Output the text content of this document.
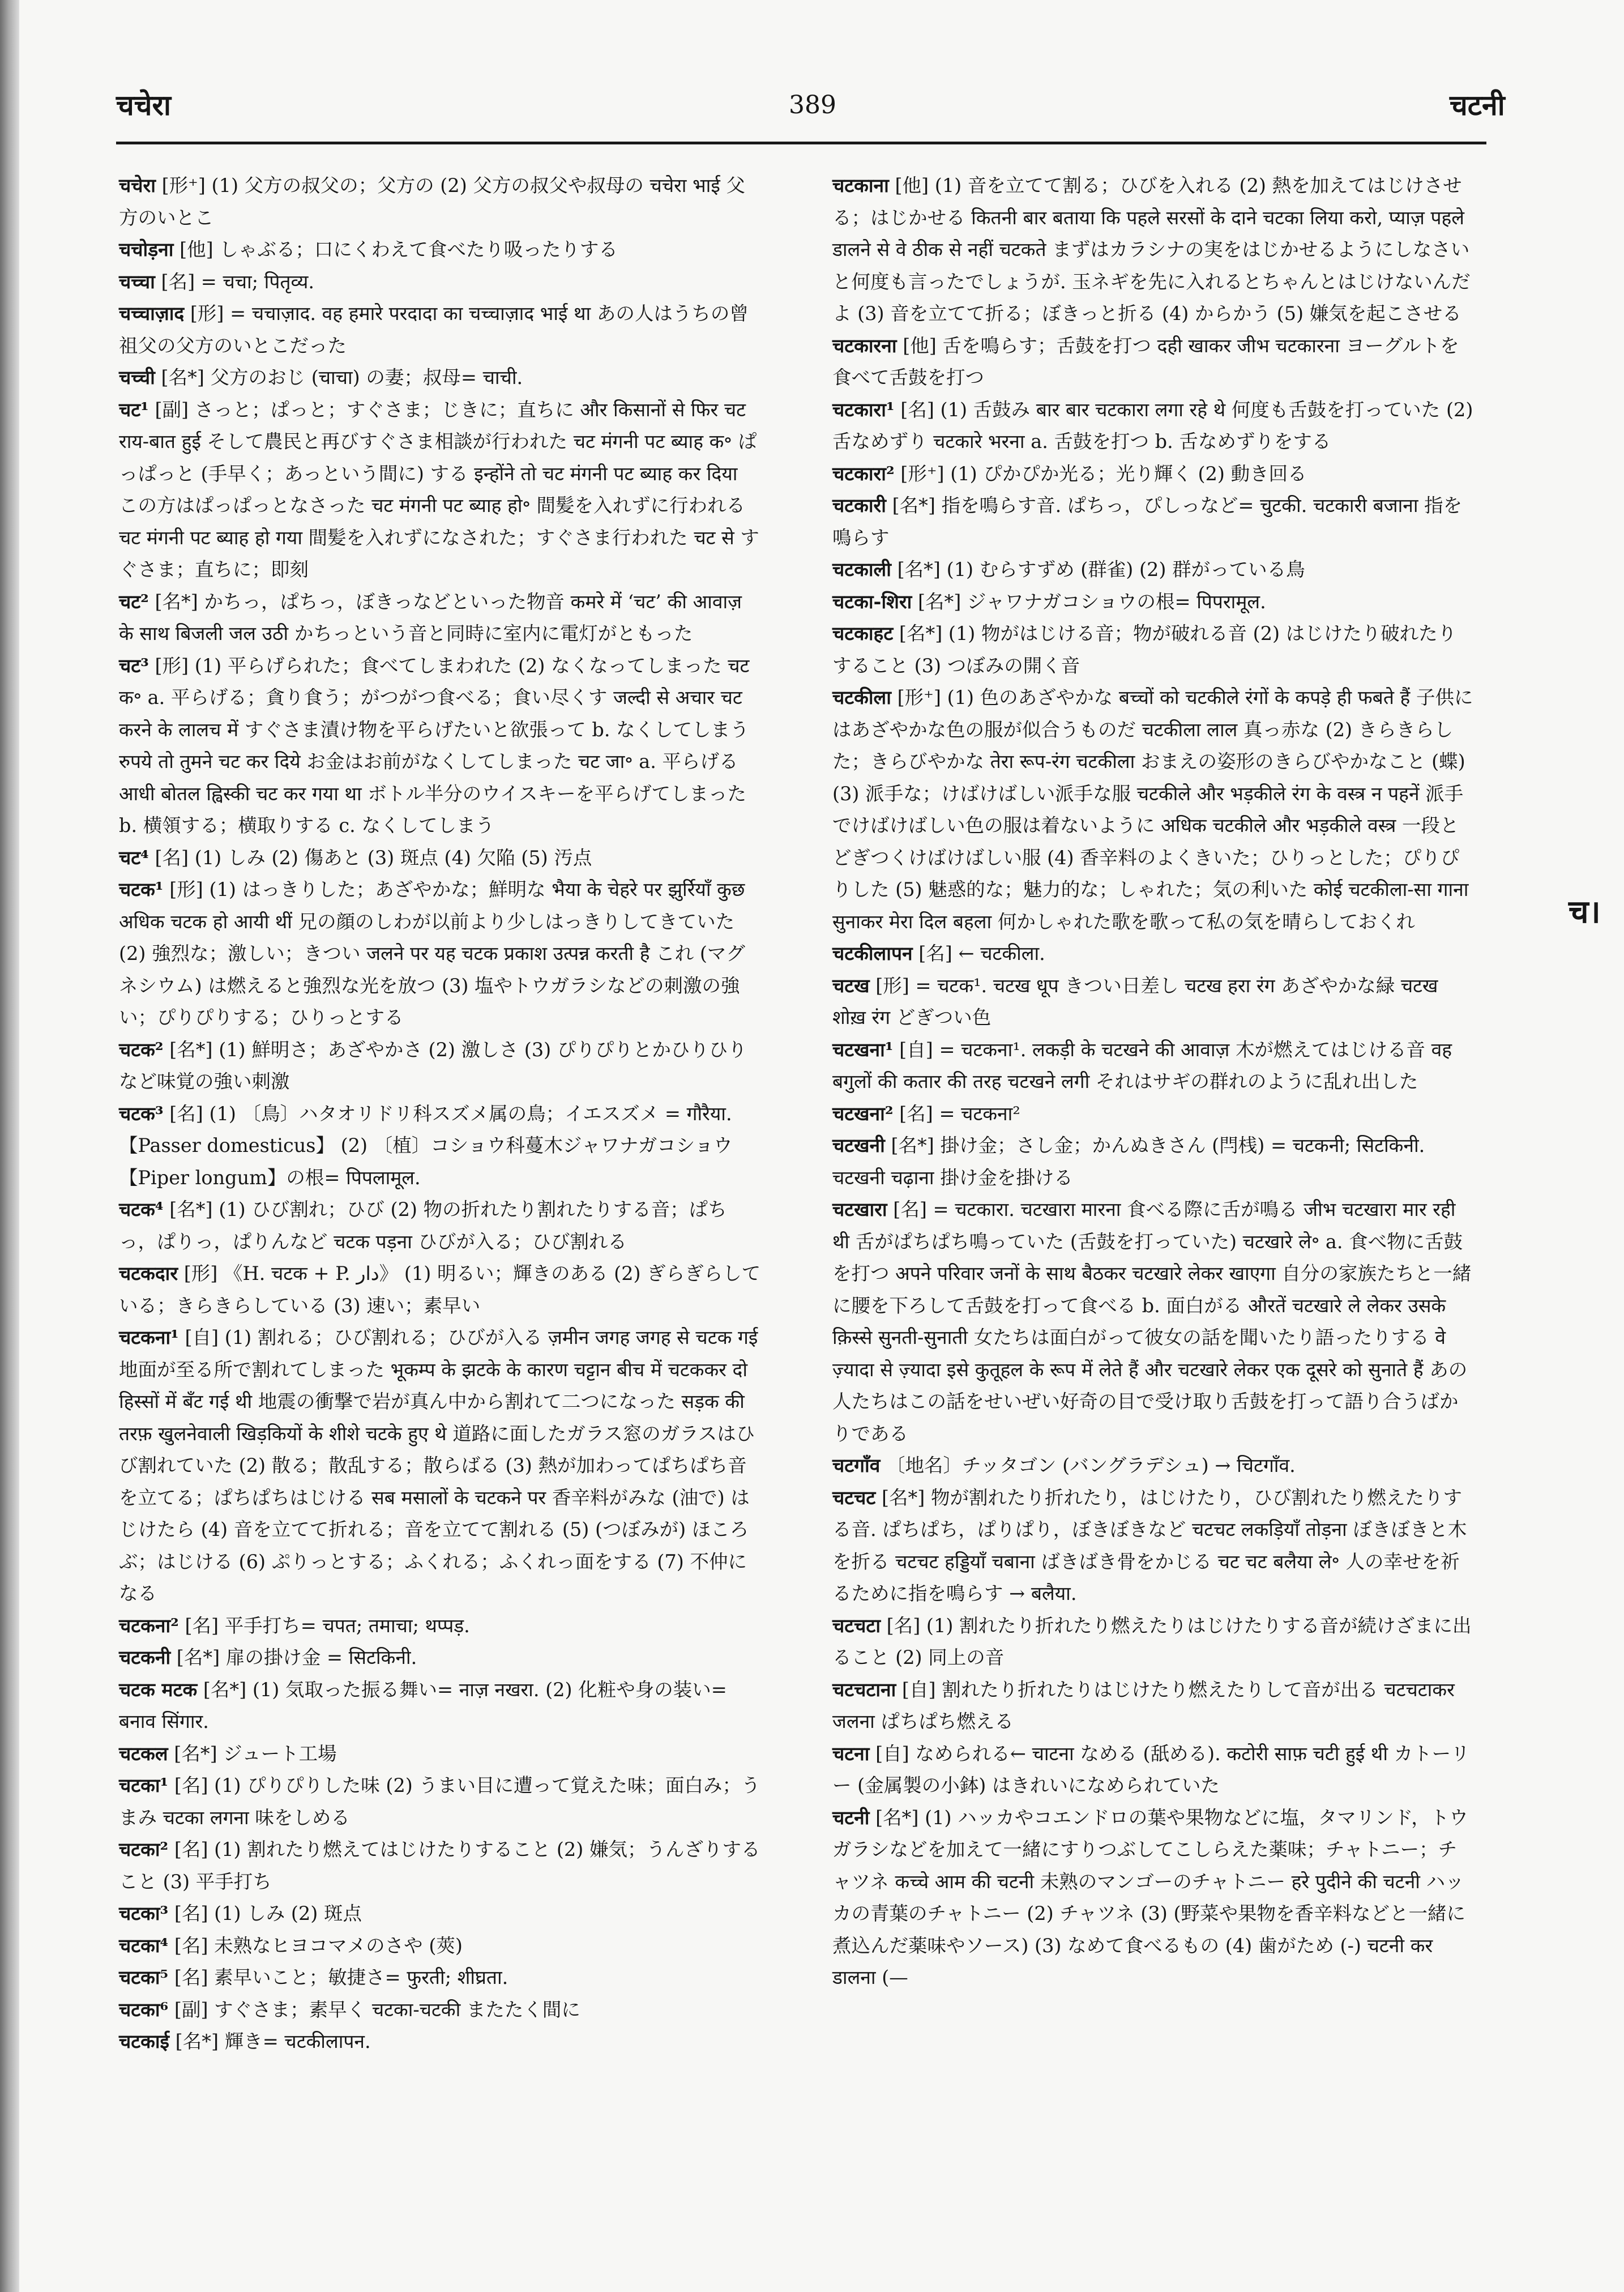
चचेरा	389	चटनी

चचेरा [形⁺] (1) 父方の叔父の；父方の (2) 父方の叔父や叔母の चचेरा भाई 父方のいとこ

चचोड़ना [他] しゃぶる；口にくわえて食べたり吸ったりする

चच्चा [名] = चचा; पितृव्य.

चच्चाज़ाद [形] = चचाज़ाद. वह हमारे परदादा का चच्चाज़ाद भाई था あの人はうちの曾祖父の父方のいとこだった

चच्ची [名*] 父方のおじ (चाचा) の妻；叔母= चाची.

चट¹ [副] さっと；ぱっと；すぐさま；じきに；直ちに और किसानों से फिर चट राय-बात हुई そして農民と再びすぐさま相談が行われた चट मंगनी पट ब्याह क॰ ぱっぱっと (手早く；あっという間に) する इन्होंने तो चट मंगनी पट ब्याह कर दिया この方はぱっぱっとなさった चट मंगनी पट ब्याह हो॰ 間髪を入れずに行われる चट मंगनी पट ब्याह हो गया 間髪を入れずになされた；すぐさま行われた चट से すぐさま；直ちに；即刻

चट² [名*] かちっ，ぱちっ，ぼきっなどといった物音 कमरे में ‘चट’ की आवाज़ के साथ बिजली जल उठी かちっという音と同時に室内に電灯がともった

चट³ [形] (1) 平らげられた；食べてしまわれた (2) なくなってしまった चट क॰ a. 平らげる；貪り食う；がつがつ食べる；食い尽くす जल्दी से अचार चट करने के लालच में すぐさま漬け物を平らげたいと欲張って b. なくしてしまう रुपये तो तुमने चट कर दिये お金はお前がなくしてしまった चट जा॰ a. 平らげる आधी बोतल ह्विस्की चट कर गया था ボトル半分のウイスキーを平らげてしまった b. 横領する；横取りする c. なくしてしまう

चट⁴ [名] (1) しみ (2) 傷あと (3) 斑点 (4) 欠陥 (5) 汚点

चटक¹ [形] (1) はっきりした；あざやかな；鮮明な भैया के चेहरे पर झुर्रियाँ कुछ अधिक चटक हो आयी थीं 兄の顔のしわが以前より少しはっきりしてきていた (2) 強烈な；激しい；きつい जलने पर यह चटक प्रकाश उत्पन्न करती है これ (マグネシウム) は燃えると強烈な光を放つ (3) 塩やトウガラシなどの刺激の強い；ぴりぴりする；ひりっとする

चटक² [名*] (1) 鮮明さ；あざやかさ (2) 激しさ (3) ぴりぴりとかひりひりなど味覚の強い刺激

चटक³ [名] (1) 〔鳥〕ハタオリドリ科スズメ属の鳥；イエスズメ = गौरैया. 【Passer domesticus】 (2) 〔植〕コショウ科蔓木ジャワナガコショウ【Piper longum】の根= पिपलामूल.

चटक⁴ [名*] (1) ひび割れ；ひび (2) 物の折れたり割れたりする音；ぱちっ，ぱりっ，ぱりんなど चटक पड़ना ひびが入る；ひび割れる

चटकदार [形] 《H. चटक + P. دار》 (1) 明るい；輝きのある (2) ぎらぎらしている；きらきらしている (3) 速い；素早い

चटकना¹ [自] (1) 割れる；ひび割れる；ひびが入る ज़मीन जगह जगह से चटक गई 地面が至る所で割れてしまった भूकम्प के झटके के कारण चट्टान बीच में चटककर दो हिस्सों में बँट गई थी 地震の衝撃で岩が真ん中から割れて二つになった सड़क की तरफ़ खुलनेवाली खिड़कियों के शीशे चटके हुए थे 道路に面したガラス窓のガラスはひび割れていた (2) 散る；散乱する；散らばる (3) 熱が加わってぱちぱち音を立てる；ぱちぱちはじける सब मसालों के चटकने पर 香辛料がみな (油で) はじけたら (4) 音を立てて折れる；音を立てて割れる (5) (つぼみが) ほころぶ；はじける (6) ぷりっとする；ふくれる；ふくれっ面をする (7) 不仲になる

चटकना² [名] 平手打ち= चपत; तमाचा; थप्पड़.

चटकनी [名*] 扉の掛け金 = सिटकिनी.

चटक मटक [名*] (1) 気取った振る舞い= नाज़ नखरा. (2) 化粧や身の装い= बनाव सिंगार.

चटकल [名*] ジュート工場

चटका¹ [名] (1) ぴりぴりした味 (2) うまい目に遭って覚えた味；面白み；うまみ चटका लगना 味をしめる

चटका² [名] (1) 割れたり燃えてはじけたりすること (2) 嫌気；うんざりすること (3) 平手打ち

चटका³ [名] (1) しみ (2) 斑点

चटका⁴ [名] 未熟なヒヨコマメのさや (莢)

चटका⁵ [名] 素早いこと；敏捷さ= फुरती; शीघ्रता.

चटका⁶ [副] すぐさま；素早く चटका-चटकी またたく間に

चटकाई [名*] 輝き= चटकीलापन.

चटकाना [他] (1) 音を立てて割る；ひびを入れる (2) 熱を加えてはじけさせる；はじかせる कितनी बार बताया कि पहले सरसों के दाने चटका लिया करो, प्याज़ पहले डालने से वे ठीक से नहीं चटकते まずはカラシナの実をはじかせるようにしなさいと何度も言ったでしょうが. 玉ネギを先に入れるとちゃんとはじけないんだよ (3) 音を立てて折る；ぼきっと折る (4) からかう (5) 嫌気を起こさせる

चटकारना [他] 舌を鳴らす；舌鼓を打つ दही खाकर जीभ चटकारना ヨーグルトを食べて舌鼓を打つ

चटकारा¹ [名] (1) 舌鼓み बार बार चटकारा लगा रहे थे 何度も舌鼓を打っていた (2) 舌なめずり चटकारे भरना a. 舌鼓を打つ b. 舌なめずりをする

चटकारा² [形⁺] (1) ぴかぴか光る；光り輝く (2) 動き回る

चटकारी [名*] 指を鳴らす音. ぱちっ，ぴしっなど= चुटकी. चटकारी बजाना 指を鳴らす

चटकाली [名*] (1) むらすずめ (群雀) (2) 群がっている鳥

चटका-शिरा [名*] ジャワナガコショウの根= पिपरामूल.

चटकाहट [名*] (1) 物がはじける音；物が破れる音 (2) はじけたり破れたりすること (3) つぼみの開く音

चटकीला [形⁺] (1) 色のあざやかな बच्चों को चटकीले रंगों के कपड़े ही फबते हैं 子供にはあざやかな色の服が似合うものだ चटकीला लाल 真っ赤な (2) きらきらした；きらびやかな तेरा रूप-रंग चटकीला おまえの姿形のきらびやかなこと (蝶) (3) 派手な；けばけばしい派手な服 चटकीले और भड़कीले रंग के वस्त्र न पहनें 派手でけばけばしい色の服は着ないように अधिक चटकीले और भड़कीले वस्त्र 一段とどぎつくけばけばしい服 (4) 香辛料のよくきいた；ひりっとした；ぴりぴりした (5) 魅惑的な；魅力的な；しゃれた；気の利いた कोई चटकीला-सा गाना सुनाकर मेरा दिल बहला 何かしゃれた歌を歌って私の気を晴らしておくれ

चटकीलापन [名] ← चटकीला.

चटख [形] = चटक¹. चटख धूप きつい日差し चटख हरा रंग あざやかな緑 चटख शोख़ रंग どぎつい色

चटखना¹ [自] = चटकना¹. लकड़ी के चटखने की आवाज़ 木が燃えてはじける音 वह बगुलों की कतार की तरह चटखने लगी それはサギの群れのように乱れ出した

चटखना² [名] = चटकना²

चटखनी [名*] 掛け金；さし金；かんぬきさん (閂桟) = चटकनी; सिटकिनी. चटखनी चढ़ाना 掛け金を掛ける

चटखारा [名] = चटकारा. चटखारा मारना 食べる際に舌が鳴る जीभ चटखारा मार रही थी 舌がぱちぱち鳴っていた (舌鼓を打っていた) चटखारे ले॰ a. 食べ物に舌鼓を打つ अपने परिवार जनों के साथ बैठकर चटखारे लेकर खाएगा 自分の家族たちと一緒に腰を下ろして舌鼓を打って食べる b. 面白がる औरतें चटखारे ले लेकर उसके क़िस्से सुनती-सुनाती 女たちは面白がって彼女の話を聞いたり語ったりする वे ज़्यादा से ज़्यादा इसे कुतूहल के रूप में लेते हैं और चटखारे लेकर एक दूसरे को सुनाते हैं あの人たちはこの話をせいぜい好奇の目で受け取り舌鼓を打って語り合うばかりである

चटगाँव 〔地名〕チッタゴン (バングラデシュ) → चिटगाँव.

चटचट [名*] 物が割れたり折れたり，はじけたり，ひび割れたり燃えたりする音. ぱちぱち，ぱりぱり，ぼきぼきなど चटचट लकड़ियाँ तोड़ना ぼきぼきと木を折る चटचट हड्डियाँ चबाना ばきばき骨をかじる चट चट बलैया ले॰ 人の幸せを祈るために指を鳴らす → बलैया.

चटचटा [名] (1) 割れたり折れたり燃えたりはじけたりする音が続けざまに出ること (2) 同上の音

चटचटाना [自] 割れたり折れたりはじけたり燃えたりして音が出る चटचटाकर जलना ぱちぱち燃える

चटना [自] なめられる← चाटना なめる (舐める). कटोरी साफ़ चटी हुई थी カトーリー (金属製の小鉢) はきれいになめられていた

चटनी [名*] (1) ハッカやコエンドロの葉や果物などに塩，タマリンド，トウガラシなどを加えて一緒にすりつぶしてこしらえた薬味；チャトニー；チャツネ कच्चे आम की चटनी 未熟のマンゴーのチャトニー हरे पुदीने की चटनी ハッカの青葉のチャトニー (2) チャツネ (3) (野菜や果物を香辛料などと一緒に煮込んだ薬味やソース) (3) なめて食べるもの (4) 歯がため (-) चटनी कर डालना (—

च।
